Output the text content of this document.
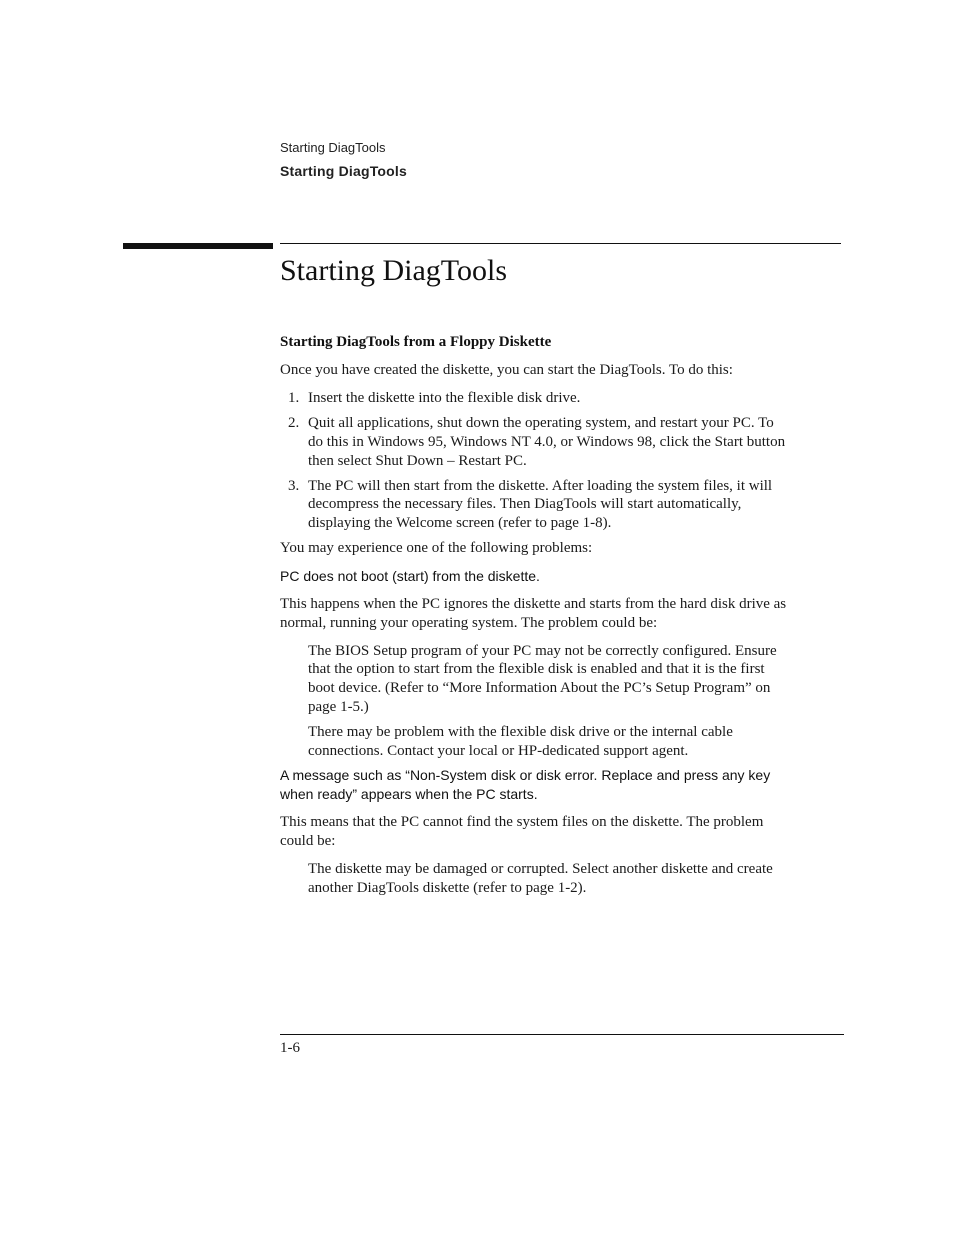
Starting DiagTools
Starting DiagTools
Starting DiagTools
Starting DiagTools from a Floppy Diskette

Once you have created the diskette, you can start the DiagTools. To do this:

1. Insert the diskette into the flexible disk drive.
2. Quit all applications, shut down the operating system, and restart your PC. To
do this in Windows 95, Windows NT 4.0, or Windows 98, click the Start button
then select Shut Down – Restart PC.
3. The PC will then start from the diskette. After loading the system files, it will
decompress the necessary files. Then DiagTools will start automatically,
displaying the Welcome screen (refer to page 1-8).

You may experience one of the following problems:

PC does not boot (start) from the diskette.

This happens when the PC ignores the diskette and starts from the hard disk drive as

normal, running your operating system. The problem could be:

The BIOS Setup program of your PC may not be correctly configured. Ensure

that the option to start from the flexible disk is enabled and that it is the first

boot device. (Refer to “More Information About the PC’s Setup Program” on

page 1-5.)

There may be problem with the flexible disk drive or the internal cable

connections. Contact your local or HP-dedicated support agent.

A message such as “Non-System disk or disk error. Replace and press any key

when ready” appears when the PC starts.

This means that the PC cannot find the system files on the diskette. The problem

could be:

The diskette may be damaged or corrupted. Select another diskette and create

another DiagTools diskette (refer to page 1-2).

1-6
